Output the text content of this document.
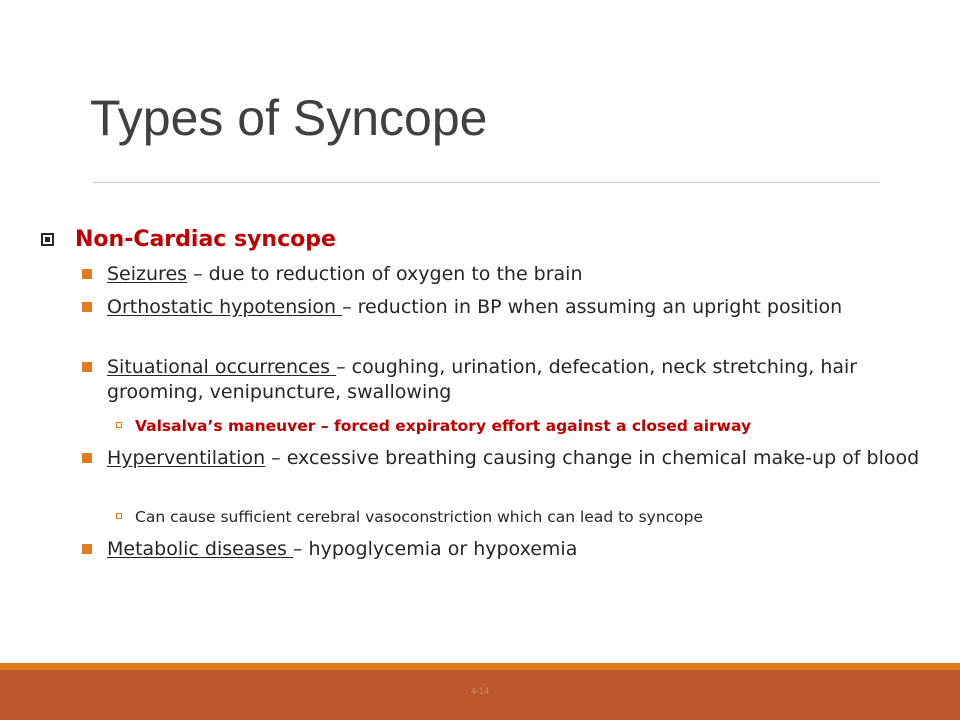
Types of Syncope
Non-Cardiac syncope
Seizures – due to reduction of oxygen to the brain
Orthostatic hypotension – reduction in BP when assuming an upright position
Situational occurrences – coughing, urination, defecation, neck stretching, hair grooming, venipuncture, swallowing
Valsalva’s maneuver – forced expiratory effort against a closed airway
Hyperventilation – excessive breathing causing change in chemical make-up of blood
Can cause sufficient cerebral vasoconstriction which can lead to syncope
Metabolic diseases – hypoglycemia or hypoxemia
4-14
